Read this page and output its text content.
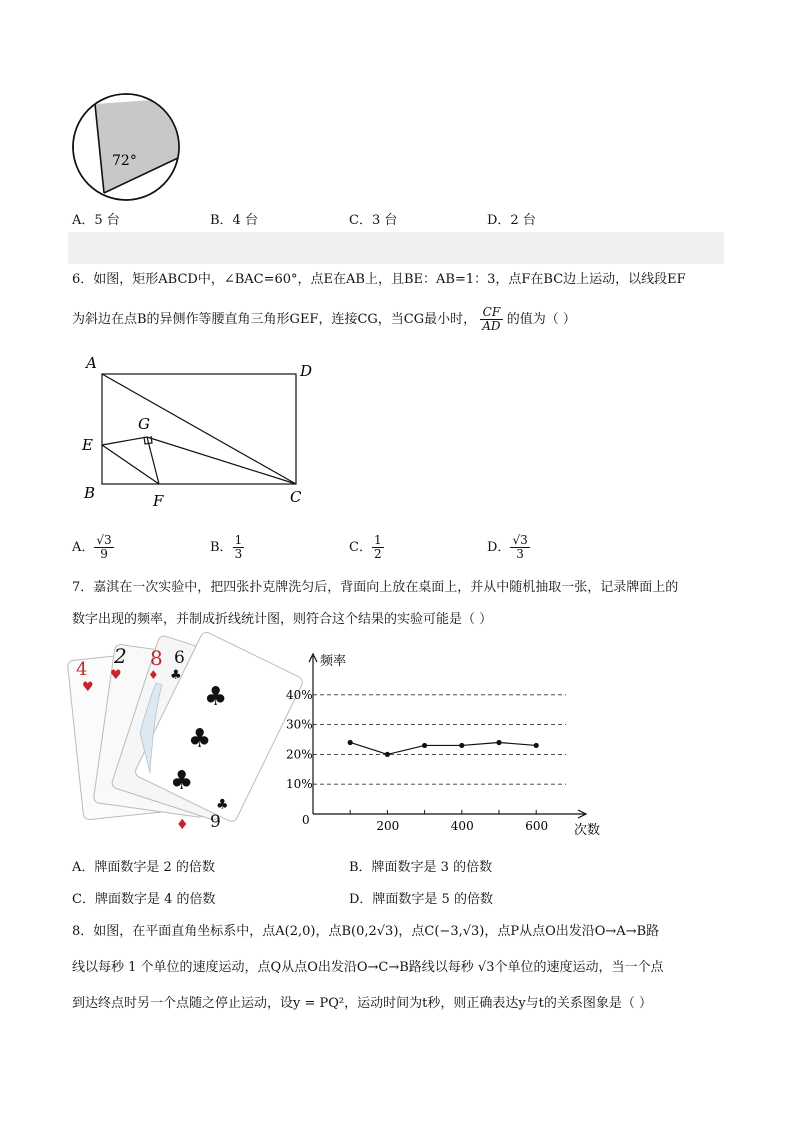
72°
A．5 台	B．4 台	C．3 台	D．2 台
6．如图，矩形ABCD中，∠BAC=60°，点E在AB上，且BE：AB=1：3，点F在BC边上运动，以线段EF
为斜边在点B的异侧作等腰直角三角形GEF，连接CG，当CG最小时， $\frac{CF}{AD}$ 的值为（ ）
A	D
E
G
B	F	C
A． $\frac{√3}{9}$	B． $\frac{1}{3}$	C． $\frac{1}{2}$	D． $\frac{√3}{3}$
7．嘉淇在一次实验中，把四张扑克牌洗匀后，背面向上放在桌面上，并从中随机抽取一张，记录牌面上的
数字出现的频率，并制成折线统计图，则符合这个结果的实验可能是（ ）
4
♥
2
♥
8
♦
6
♣
♣
♣
♣
♣
9
♦
频率
次数
0
10%
20%
30%
40%
200	400	600
A．牌面数字是 2 的倍数	B．牌面数字是 3 的倍数
C．牌面数字是 4 的倍数	D．牌面数字是 5 的倍数
8．如图，在平面直角坐标系中，点A(2,0)，点B(0,2√3)，点C(−3,√3)，点P从点O出发沿O→A→B路
线以每秒 1 个单位的速度运动，点Q从点O出发沿O→C→B路线以每秒 √3个单位的速度运动，当一个点
到达终点时另一个点随之停止运动，设y = PQ²，运动时间为t秒，则正确表达y与t的关系图象是（ ）
